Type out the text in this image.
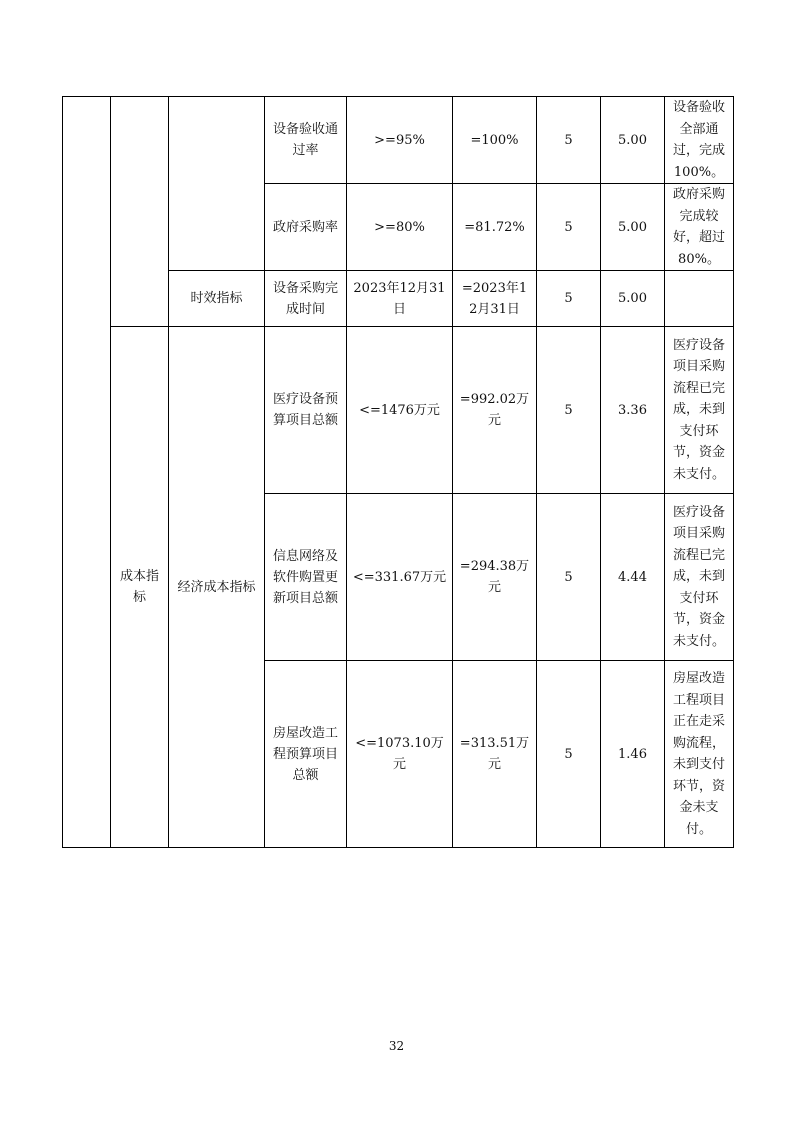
			设备验收通过率	>=95%	=100%	5	5.00	设备验收全部通过，完成100%。
			政府采购率	>=80%	=81.72%	5	5.00	政府采购完成较好，超过80%。
		时效指标	设备采购完成时间	2023年12月31日	=2023年12月31日	5	5.00	
	成本指标	经济成本指标	医疗设备预算项目总额	<=1476万元	=992.02万元	5	3.36	医疗设备项目采购流程已完成，未到支付环节，资金未支付。
			信息网络及软件购置更新项目总额	<=331.67万元	=294.38万元	5	4.44	医疗设备项目采购流程已完成，未到支付环节，资金未支付。
			房屋改造工程预算项目总额	<=1073.10万元	=313.51万元	5	1.46	房屋改造工程项目正在走采购流程，未到支付环节，资金未支付。
32
